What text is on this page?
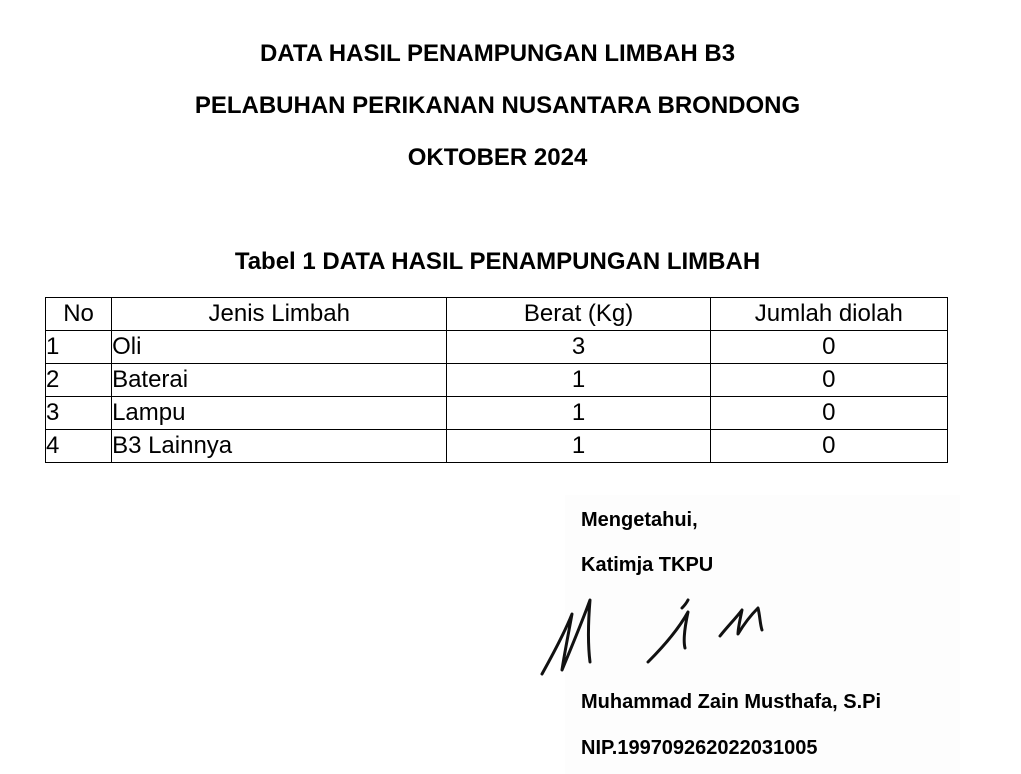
DATA HASIL PENAMPUNGAN LIMBAH B3
PELABUHAN PERIKANAN NUSANTARA BRONDONG
OKTOBER 2024
Tabel 1 DATA HASIL PENAMPUNGAN LIMBAH
No	Jenis Limbah	Berat (Kg)	Jumlah diolah
1	Oli	3	0
2	Baterai	1	0
3	Lampu	1	0
4	B3 Lainnya	1	0
Mengetahui,
Katimja TKPU
Muhammad Zain Musthafa, S.Pi
NIP.199709262022031005
